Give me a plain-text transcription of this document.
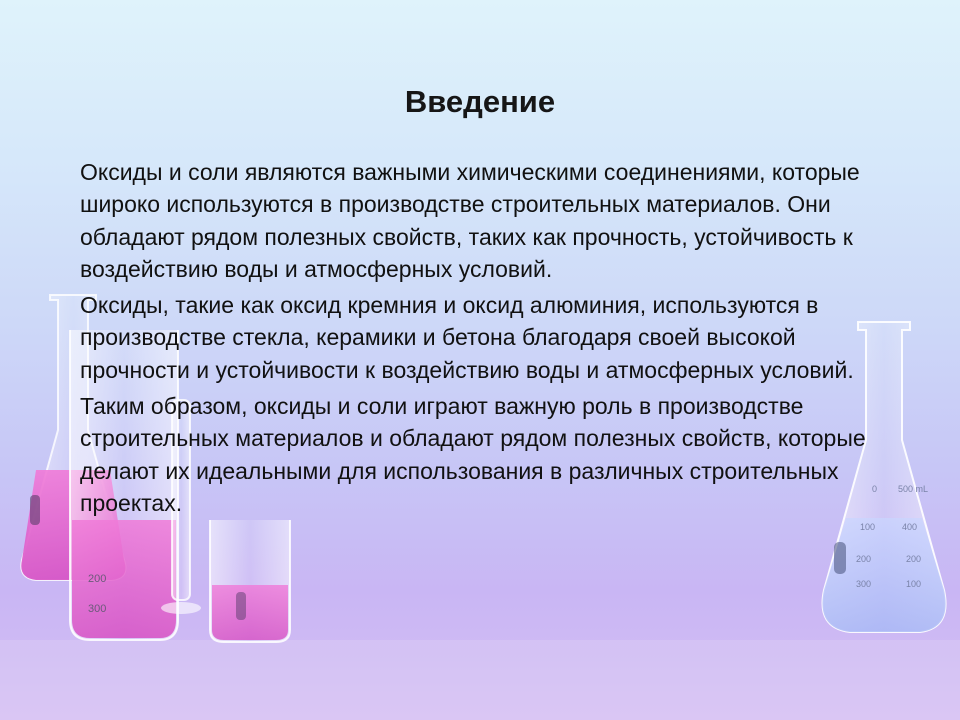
200
300
0
100
200
300
500 mL
400
200
100
Введение

Оксиды и соли являются важными химическими соединениями, которые широко используются в производстве строительных материалов. Они обладают рядом полезных свойств, таких как прочность, устойчивость к воздействию воды и атмосферных условий.

Оксиды, такие как оксид кремния и оксид алюминия, используются в производстве стекла, керамики и бетона благодаря своей высокой прочности и устойчивости к воздействию воды и атмосферных условий.

Таким образом, оксиды и соли играют важную роль в производстве строительных материалов и обладают рядом полезных свойств, которые делают их идеальными для использования в различных строительных проектах.
